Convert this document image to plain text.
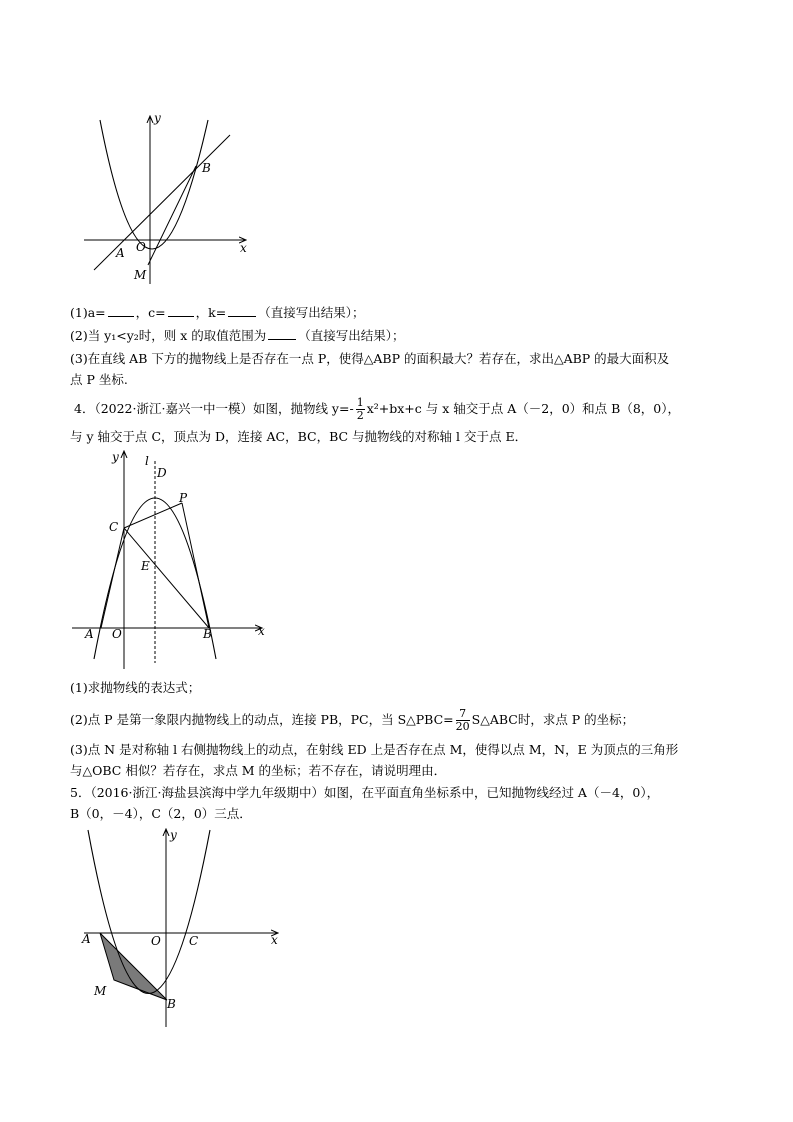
y
x
B
A O
M
(1)a= ，c= ，k=	（直接写出结果）；
(2)当 y₁<y₂时，则 x 的取值范围为	（直接写出结果）；
(3)在直线 AB 下方的抛物线上是否存在一点 P，使得△ABP 的面积最大？若存在，求出△ABP 的最大面积及
点 P 坐标.
4．（2022·浙江·嘉兴一中一模）如图，抛物线 $y=- \frac{1}{2} x^2+bx+c$ 与 x 轴交于点 A（－2，0）和点 B（8，0），
与 y 轴交于点 C，顶点为 D，连接 AC，BC，BC 与抛物线的对称轴 l 交于点 E．
y l
D
P
C
E
A O	B	x
(1)求抛物线的表达式；
(2)点 P 是第一象限内抛物线上的动点，连接 PB，PC，当 S△PBC= $\frac{7}{20}$ S△ABC时，求点 P 的坐标；
(3)点 N 是对称轴 l 右侧抛物线上的动点，在射线 ED 上是否存在点 M，使得以点 M，N，E 为顶点的三角形
与△OBC 相似？若存在，求点 M 的坐标；若不存在，请说明理由．
5．（2016·浙江·海盐县滨海中学九年级期中）如图，在平面直角坐标系中，已知抛物线经过 A（－4，0），
B（0，－4），C（2，0）三点．
y
A	O C	x
M
B
